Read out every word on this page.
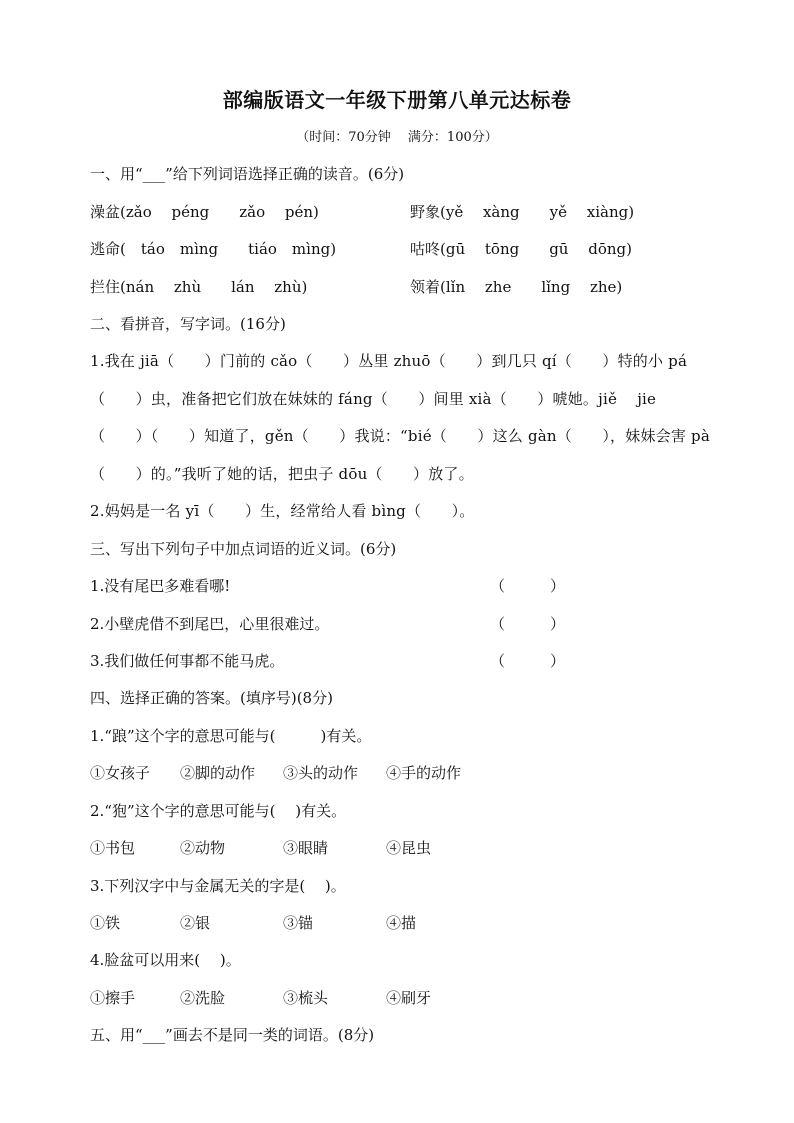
部编版语文一年级下册第八单元达标卷
（时间：70分钟　 满分：100分）
一、用“___”给下列词语选择正确的读音。(6分)
澡盆(zǎo　 péng　　zǎo　 pén)	野象(yě　 xàng　　yě　 xiàng)
逃命(　táo　mìng　　tiáo　mìng)	咕咚(gū　 tōng　　gū　 dōng)
拦住(nán　 zhù　　lán　 zhù)	领着(lǐn　 zhe　　lǐng　 zhe)
二、看拼音，写字词。(16分)
1.我在 jiā（　　）门前的 cǎo（　　）丛里 zhuō（　　）到几只 qí（　　）特的小 pá
（　　）虫，准备把它们放在妹妹的 fáng（　　）间里 xià（　　）唬她。jiě　 jie
（　　）（　　）知道了，gěn（　　）我说：“bié（　　）这么 gàn（　　），妹妹会害 pà
（　　）的。”我听了她的话，把虫子 dōu（　　）放了。
2.妈妈是一名 yī（　　）生，经常给人看 bìng（　　）。
三、写出下列句子中加点词语的近义词。(6分)
1.没有尾巴多难看哪!	（　　　）
2.小壁虎借不到尾巴，心里很难过。	（　　　）
3.我们做任何事都不能马虎。	（　　　）
四、选择正确的答案。(填序号)(8分)
1.“踉”这个字的意思可能与(　　　)有关。
①女孩子 ②脚的动作 ③头的动作 ④手的动作
2.“狍”这个字的意思可能与(　 )有关。
①书包	②动物	③眼睛	④昆虫
3.下列汉字中与金属无关的字是(　 )。
①铁	②银	③锚	④描
4.脸盆可以用来(　 )。
①擦手	②洗脸	③梳头	④刷牙
五、用“___”画去不是同一类的词语。(8分)
